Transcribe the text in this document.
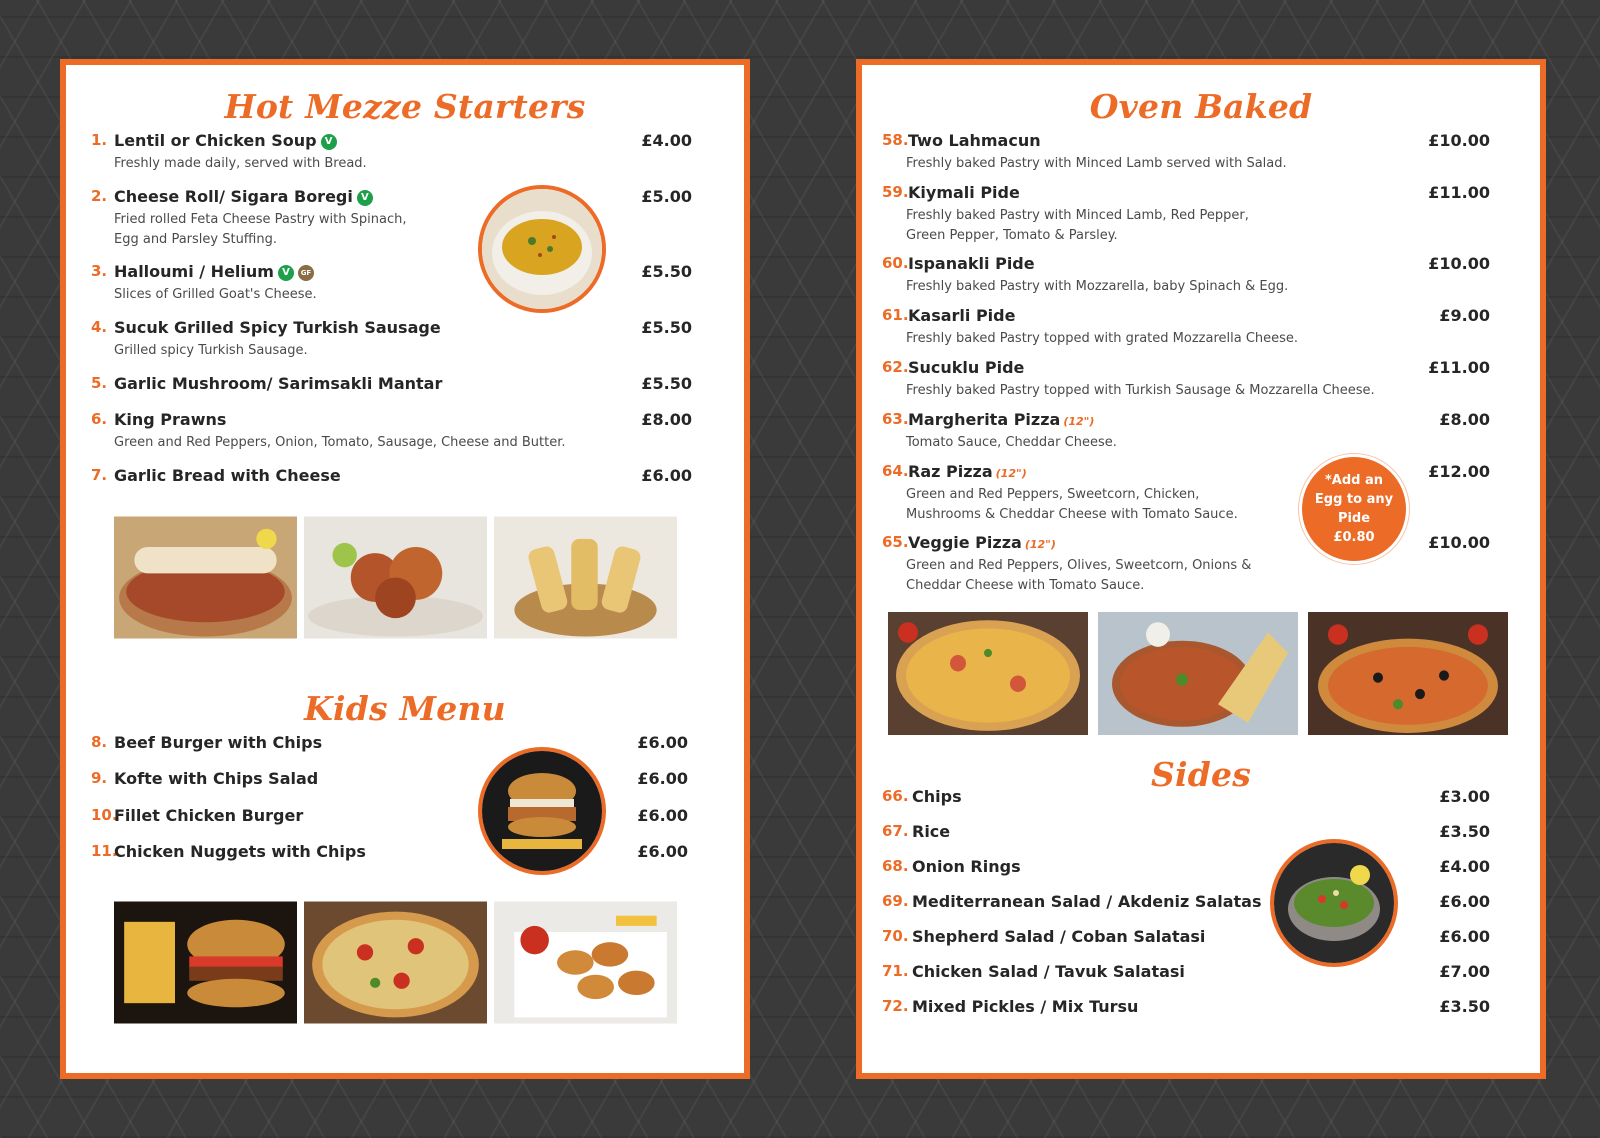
Hot Mezze Starters
1. Lentil or Chicken Soup V	£4.00
Freshly made daily, served with Bread.
2. Cheese Roll/ Sigara Boregi V	£5.00
Fried rolled Feta Cheese Pastry with Spinach,
Egg and Parsley Stuffing.
3. Halloumi / Helium V GF	£5.50
Slices of Grilled Goat's Cheese.
4. Sucuk Grilled Spicy Turkish Sausage	£5.50
Grilled spicy Turkish Sausage.
5. Garlic Mushroom/ Sarimsakli Mantar	£5.50
6. King Prawns	£8.00
Green and Red Peppers, Onion, Tomato, Sausage, Cheese and Butter.
7. Garlic Bread with Cheese	£6.00
Kids Menu
8. Beef Burger with Chips	£6.00
9. Kofte with Chips Salad	£6.00
10.
Fillet Chicken Burger	£6.00
11.
Chicken Nuggets with Chips	£6.00
Oven Baked
58. Two Lahmacun	£10.00
Freshly baked Pastry with Minced Lamb served with Salad.
59. Kiymali Pide	£11.00
Freshly baked Pastry with Minced Lamb, Red Pepper,
Green Pepper, Tomato & Parsley.
60. Ispanakli Pide	£10.00
Freshly baked Pastry with Mozzarella, baby Spinach & Egg.
61. Kasarli Pide	£9.00
Freshly baked Pastry topped with grated Mozzarella Cheese.
62. Sucuklu Pide	£11.00
Freshly baked Pastry topped with Turkish Sausage & Mozzarella Cheese.
63. Margherita Pizza (12")	£8.00
Tomato Sauce, Cheddar Cheese.
64. Raz Pizza (12")	£12.00
Green and Red Peppers, Sweetcorn, Chicken,
Mushrooms & Cheddar Cheese with Tomato Sauce.
65. Veggie Pizza (12")	£10.00
Green and Red Peppers, Olives, Sweetcorn, Onions &
Cheddar Cheese with Tomato Sauce.
*Add an
Egg to any
Pide
£0.80
Sides
66. Chips	£3.00
67. Rice	£3.50
68. Onion Rings	£4.00
69. Mediterranean Salad / Akdeniz Salatas	£6.00
70. Shepherd Salad / Coban Salatasi	£6.00
71. Chicken Salad / Tavuk Salatasi	£7.00
72. Mixed Pickles / Mix Tursu	£3.50
